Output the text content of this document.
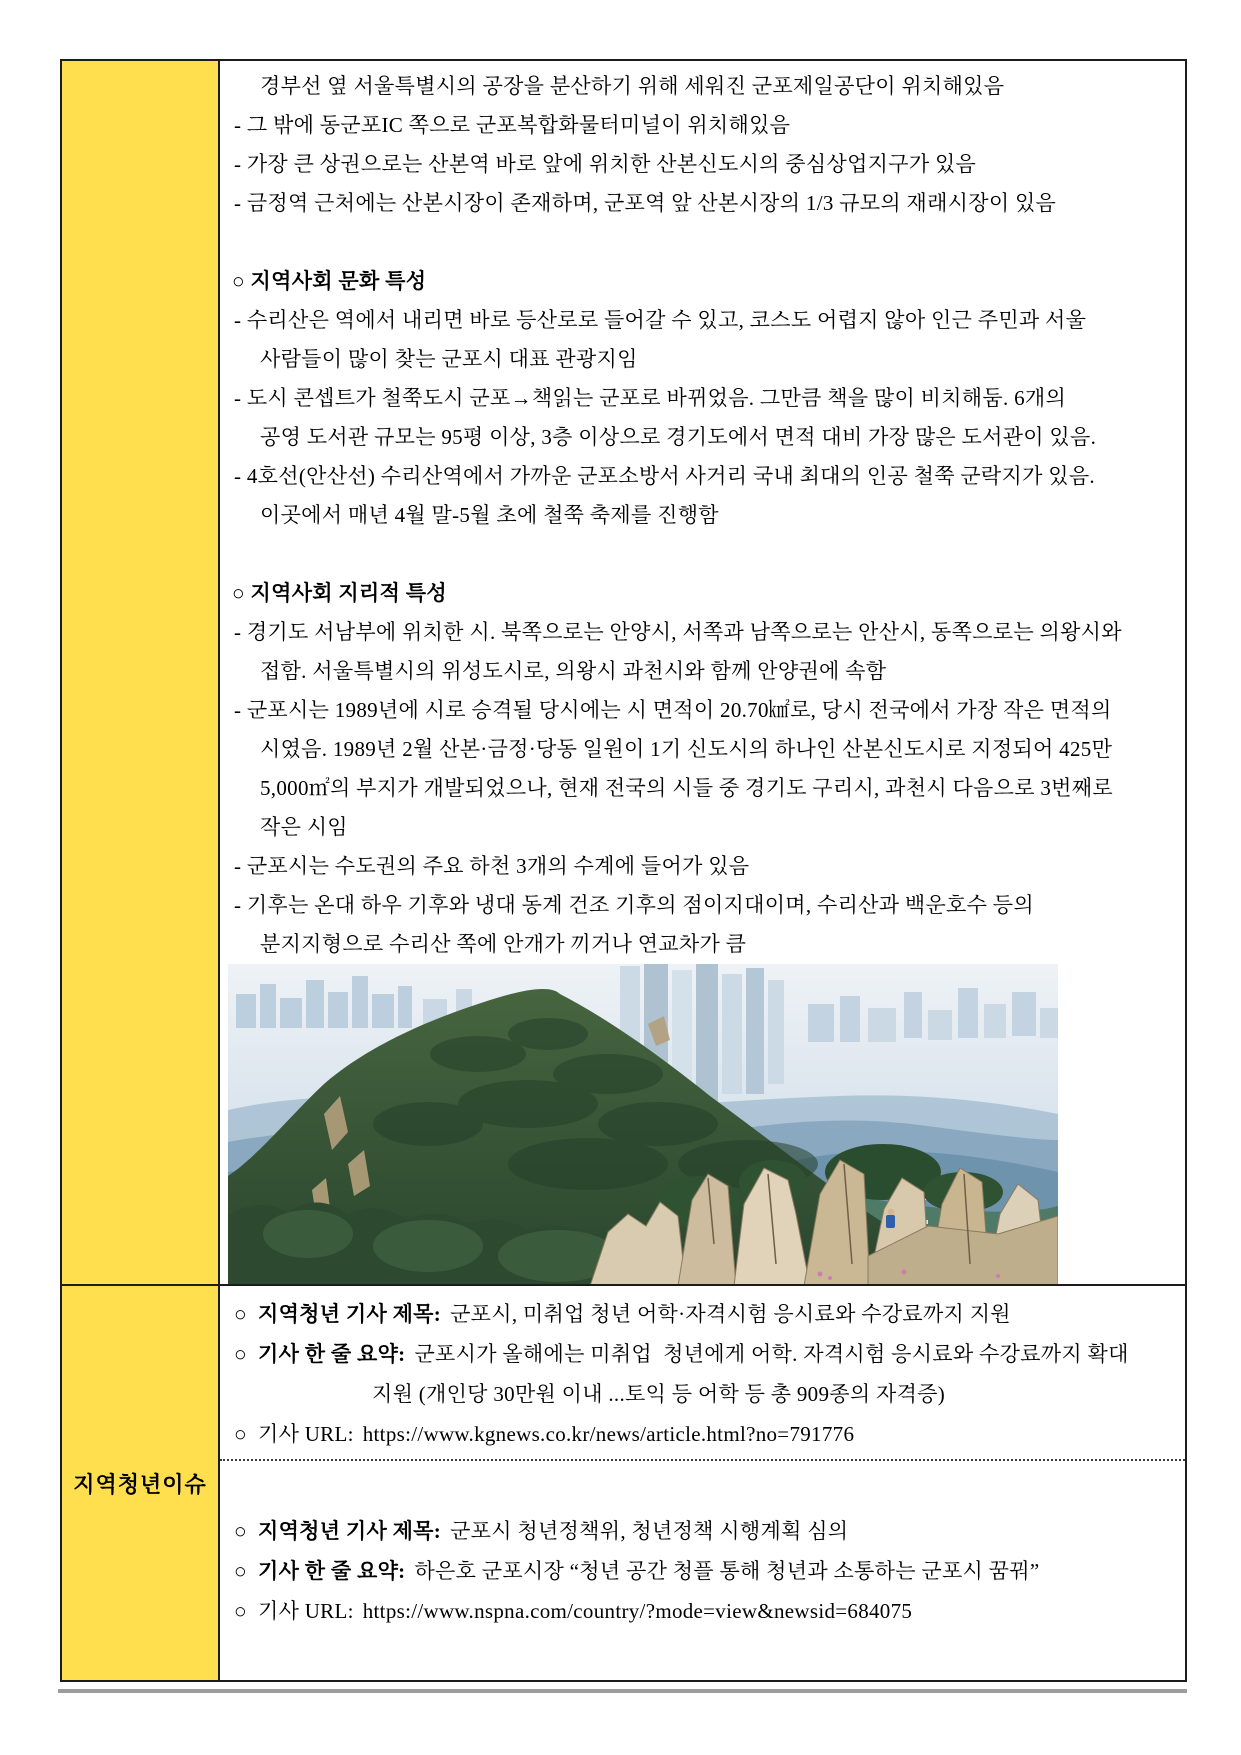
경부선 옆 서울특별시의 공장을 분산하기 위해 세워진 군포제일공단이 위치해있음
- 그 밖에 동군포IC 쪽으로 군포복합화물터미널이 위치해있음
- 가장 큰 상권으로는 산본역 바로 앞에 위치한 산본신도시의 중심상업지구가 있음
- 금정역 근처에는 산본시장이 존재하며, 군포역 앞 산본시장의 1/3 규모의 재래시장이 있음
○ 지역사회 문화 특성
- 수리산은 역에서 내리면 바로 등산로로 들어갈 수 있고, 코스도 어렵지 않아 인근 주민과 서울
사람들이 많이 찾는 군포시 대표 관광지임
- 도시 콘셉트가 철쭉도시 군포→책읽는 군포로 바뀌었음. 그만큼 책을 많이 비치해둠. 6개의
공영 도서관 규모는 95평 이상, 3층 이상으로 경기도에서 면적 대비 가장 많은 도서관이 있음.
- 4호선(안산선) 수리산역에서 가까운 군포소방서 사거리 국내 최대의 인공 철쭉 군락지가 있음.
이곳에서 매년 4월 말-5월 초에 철쭉 축제를 진행함
○ 지역사회 지리적 특성
- 경기도 서남부에 위치한 시. 북쪽으로는 안양시, 서쪽과 남쪽으로는 안산시, 동쪽으로는 의왕시와
접함. 서울특별시의 위성도시로, 의왕시 과천시와 함께 안양권에 속함
- 군포시는 1989년에 시로 승격될 당시에는 시 면적이 20.70㎢로, 당시 전국에서 가장 작은 면적의
시였음. 1989년 2월 산본·금정·당동 일원이 1기 신도시의 하나인 산본신도시로 지정되어 425만
5,000㎡의 부지가 개발되었으나, 현재 전국의 시들 중 경기도 구리시, 과천시 다음으로 3번째로
작은 시임
- 군포시는 수도권의 주요 하천 3개의 수계에 들어가 있음
- 기후는 온대 하우 기후와 냉대 동계 건조 기후의 점이지대이며, 수리산과 백운호수 등의
분지지형으로 수리산 쪽에 안개가 끼거나 연교차가 큼
지역청년이슈
○ 지역청년 기사 제목: 군포시, 미취업 청년 어학·자격시험 응시료와 수강료까지 지원
○ 기사 한 줄 요약: 군포시가 올해에는 미취업  청년에게 어학. 자격시험 응시료와 수강료까지 확대
지원 (개인당 30만원 이내 ...토익 등 어학 등 총 909종의 자격증)
○ 기사 URL: https://www.kgnews.co.kr/news/article.html?no=791776
○ 지역청년 기사 제목: 군포시 청년정책위, 청년정책 시행계획 심의
○ 기사 한 줄 요약: 하은호 군포시장 “청년 공간 청플 통해 청년과 소통하는 군포시 꿈꿔”
○ 기사 URL: https://www.nspna.com/country/?mode=view&newsid=684075
